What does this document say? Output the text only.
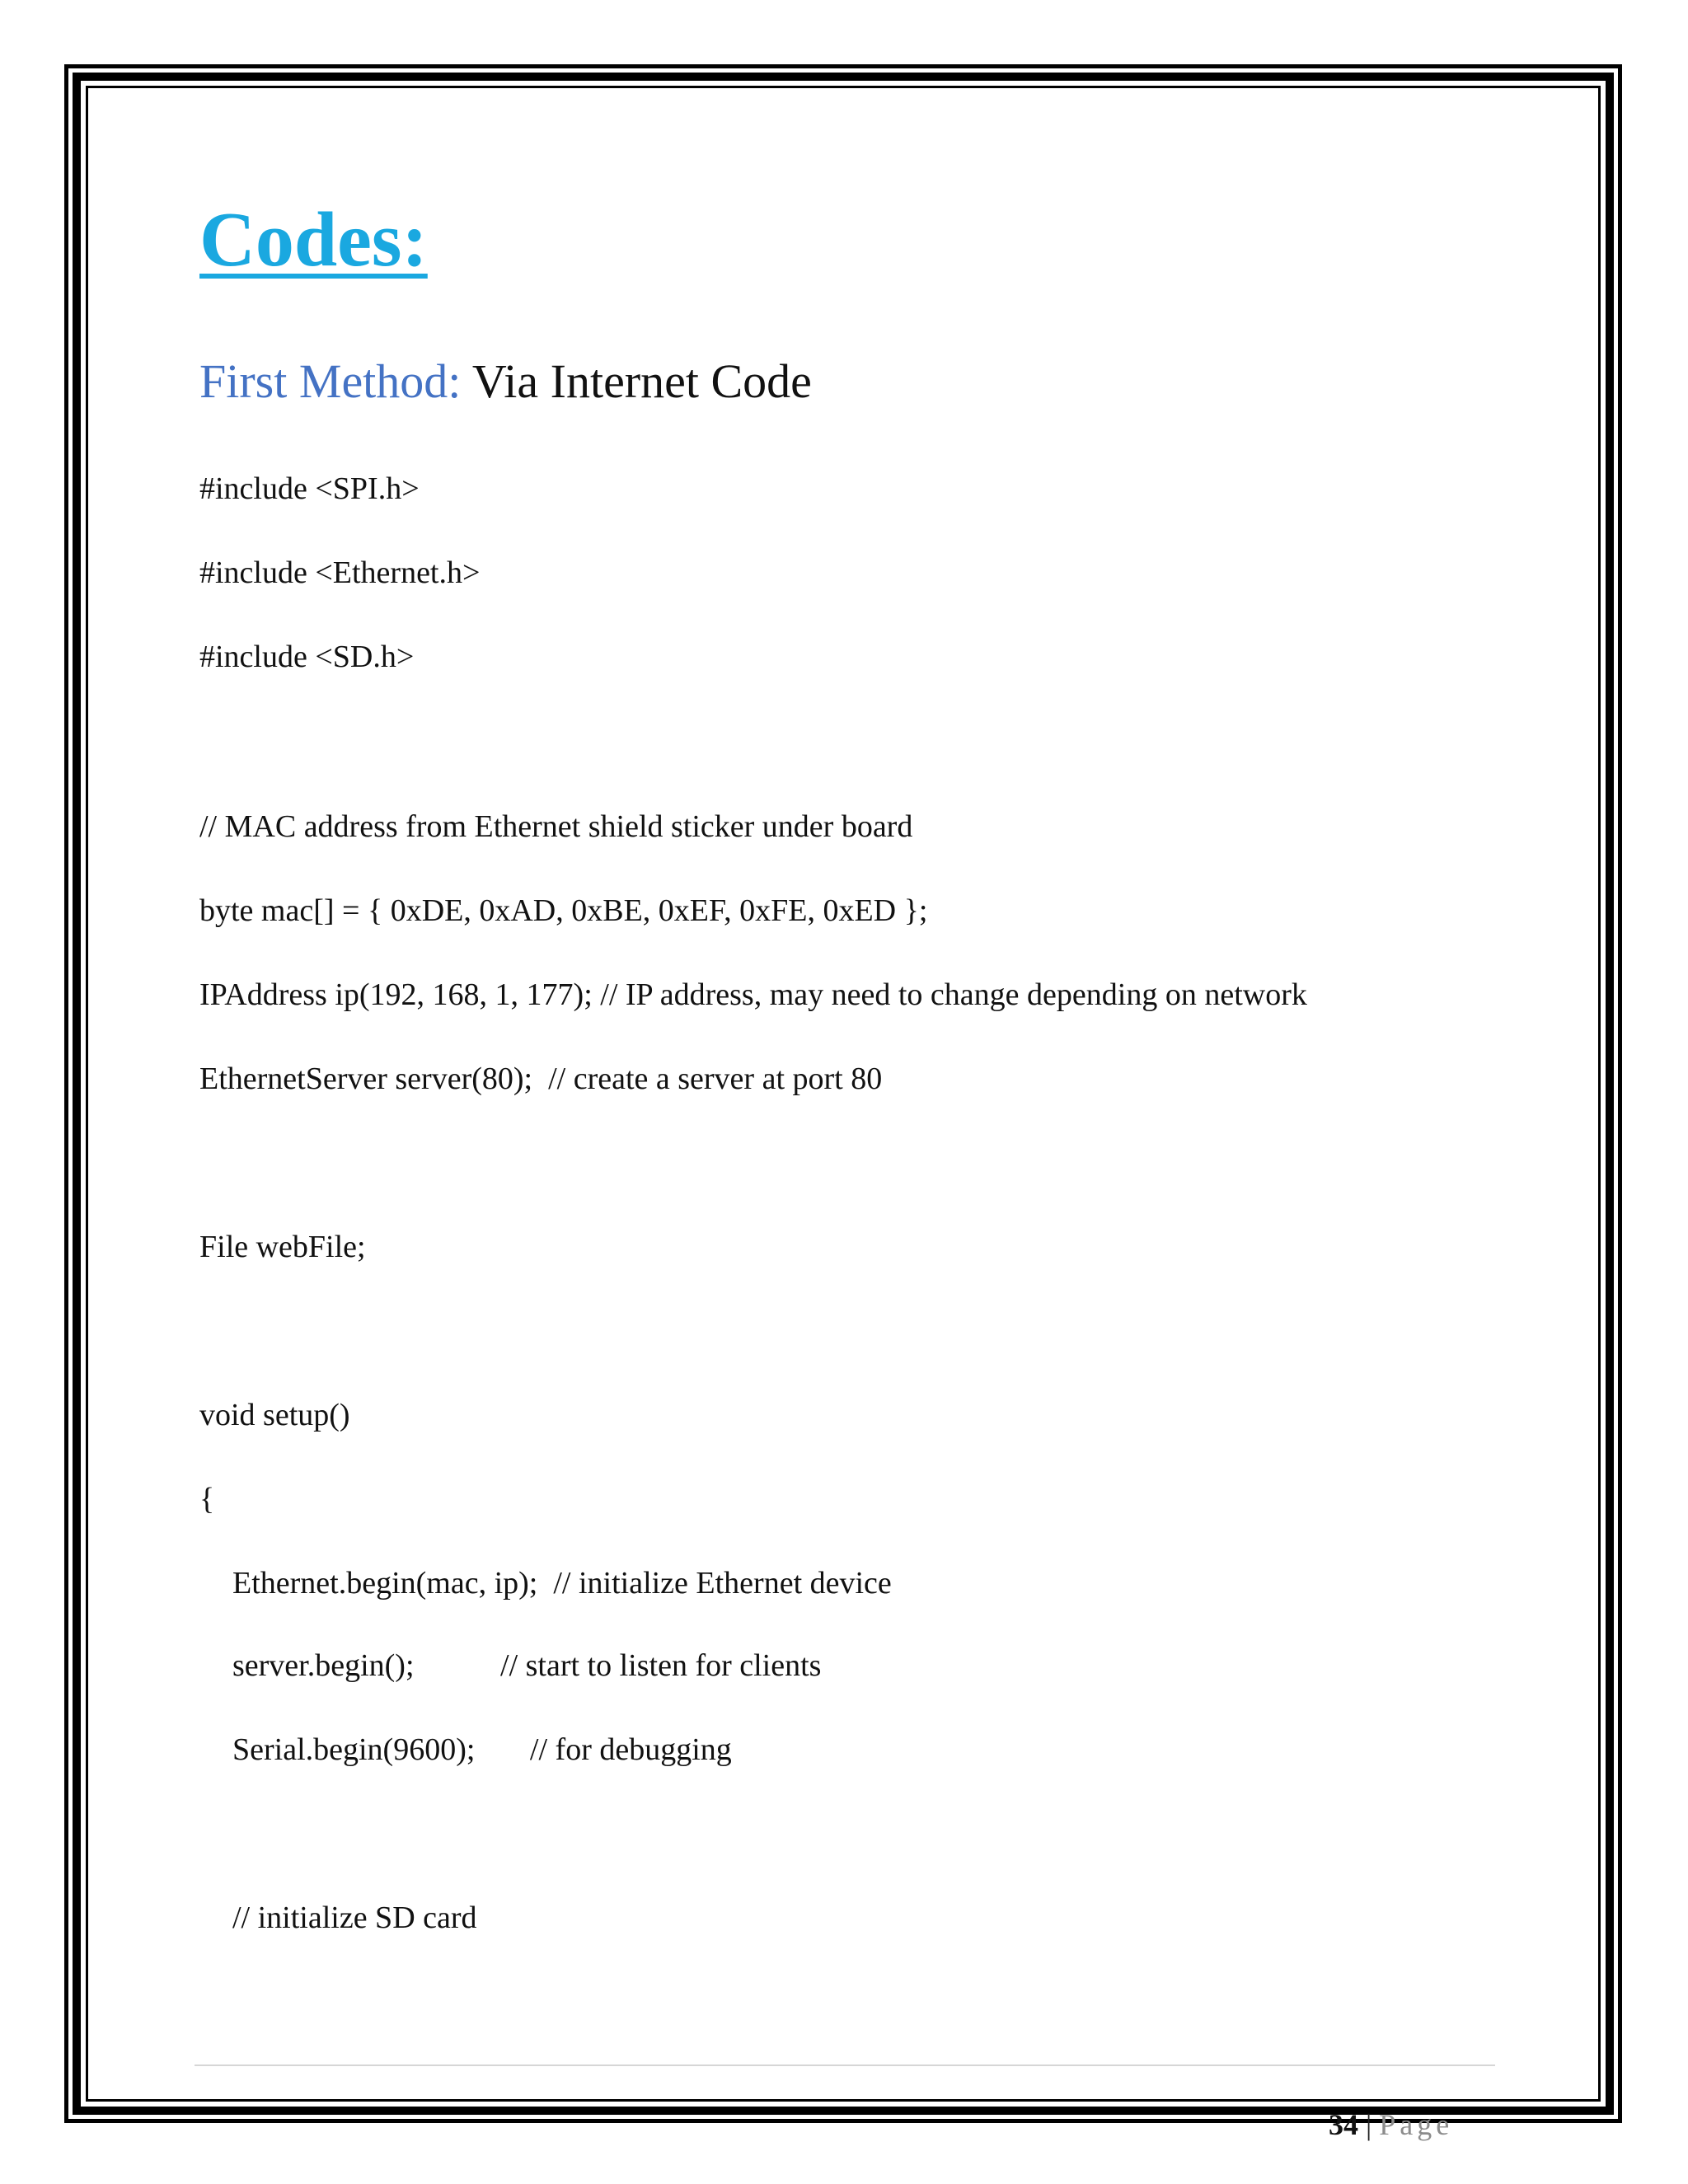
Codes:
First Method: Via Internet Code
#include <SPI.h>
#include <Ethernet.h>
#include <SD.h>
// MAC address from Ethernet shield sticker under board
byte mac[] = { 0xDE, 0xAD, 0xBE, 0xEF, 0xFE, 0xED };
IPAddress ip(192, 168, 1, 177); // IP address, may need to change depending on network
EthernetServer server(80);  // create a server at port 80
File webFile;
void setup()
{
Ethernet.begin(mac, ip);  // initialize Ethernet device
server.begin();           // start to listen for clients
Serial.begin(9600);       // for debugging
// initialize SD card
34 | Page
